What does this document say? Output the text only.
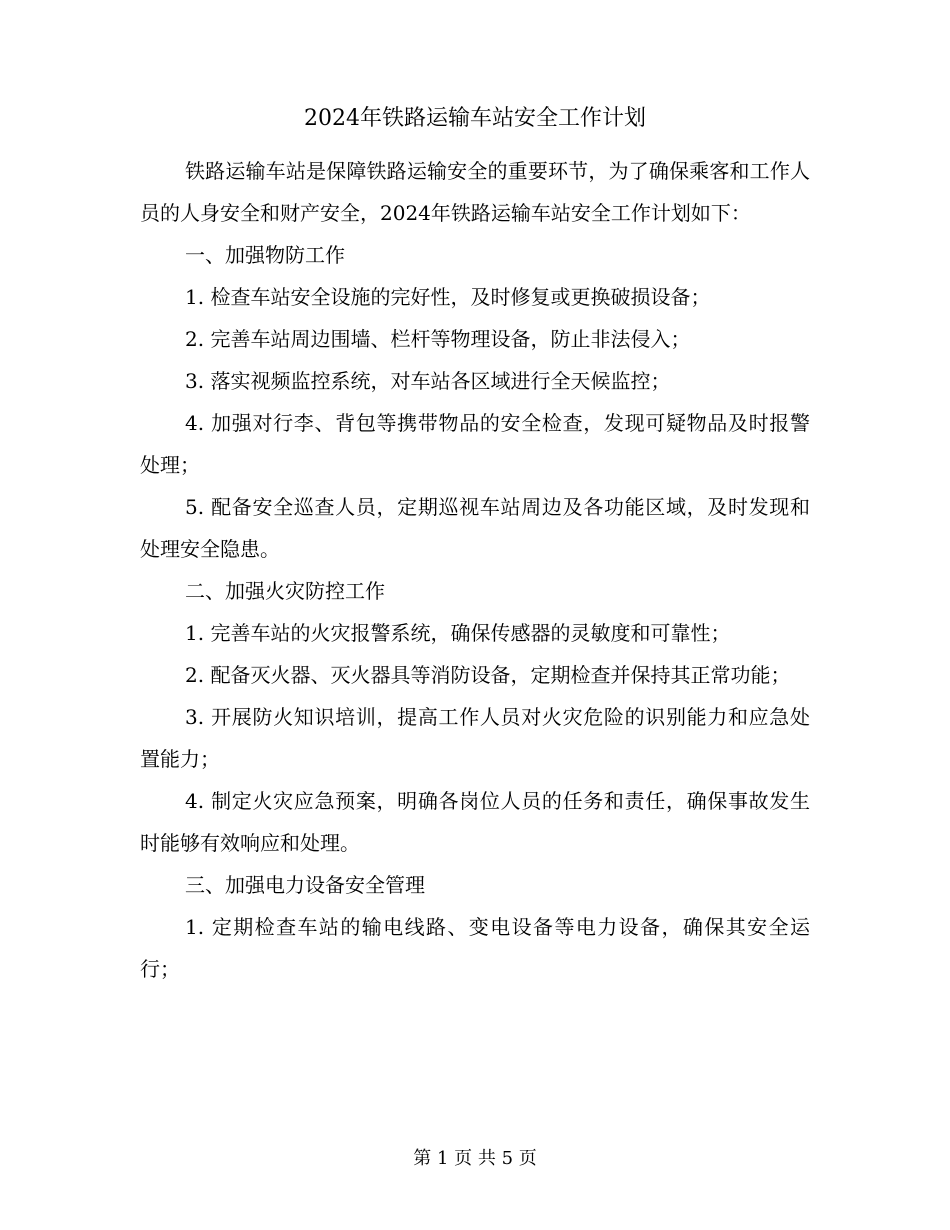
2024年铁路运输车站安全工作计划

铁路运输车站是保障铁路运输安全的重要环节，为了确保乘客和工作人员的人身安全和财产安全，2024年铁路运输车站安全工作计划如下：

一、加强物防工作

1. 检查车站安全设施的完好性，及时修复或更换破损设备；

2. 完善车站周边围墙、栏杆等物理设备，防止非法侵入；

3. 落实视频监控系统，对车站各区域进行全天候监控；

4. 加强对行李、背包等携带物品的安全检查，发现可疑物品及时报警处理；

5. 配备安全巡查人员，定期巡视车站周边及各功能区域，及时发现和处理安全隐患。

二、加强火灾防控工作

1. 完善车站的火灾报警系统，确保传感器的灵敏度和可靠性；

2. 配备灭火器、灭火器具等消防设备，定期检查并保持其正常功能；

3. 开展防火知识培训，提高工作人员对火灾危险的识别能力和应急处置能力；

4. 制定火灾应急预案，明确各岗位人员的任务和责任，确保事故发生时能够有效响应和处理。

三、加强电力设备安全管理

1. 定期检查车站的输电线路、变电设备等电力设备，确保其安全运行；

第 1 页 共 5 页
